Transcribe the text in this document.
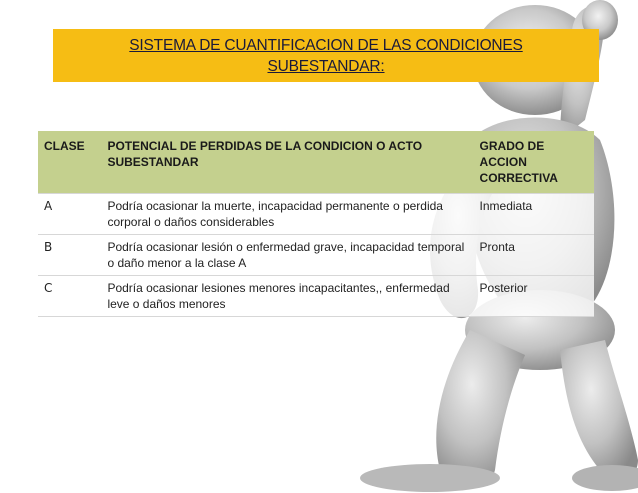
SISTEMA DE CUANTIFICACION DE LAS CONDICIONES
SUBESTANDAR:
CLASE	POTENCIAL DE PERDIDAS DE LA CONDICION O ACTO SUBESTANDAR	GRADO DE ACCION CORRECTIVA
A	Podría ocasionar la muerte, incapacidad permanente o perdida corporal o daños considerables	Inmediata
B	Podría ocasionar lesión o enfermedad grave, incapacidad temporal o daño menor a la clase A	Pronta
C	Podría ocasionar lesiones menores incapacitantes,, enfermedad leve o daños menores	Posterior
